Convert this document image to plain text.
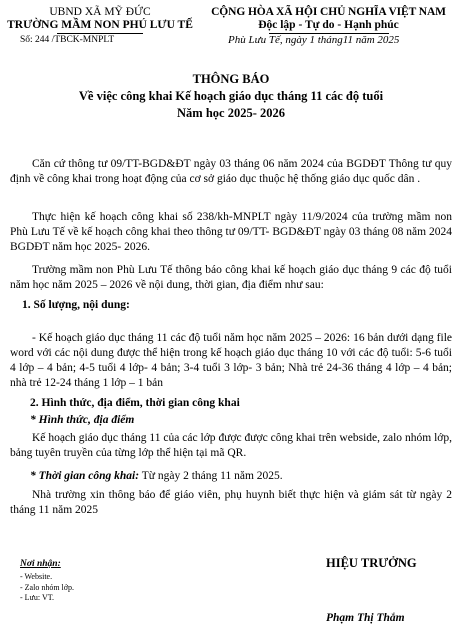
UBND XÃ MỸ ĐỨC
TRƯỜNG MẦM NON PHÚ LƯU TẾ
Số: 244 /TBCK-MNPLT
CỘNG HÒA XÃ HỘI CHỦ NGHĨA VIỆT NAM
Độc lập - Tự do - Hạnh phúc
Phù Lưu Tế, ngày 1 tháng11 năm 2025
THÔNG BÁO
Về việc công khai Kế hoạch giáo dục tháng 11 các độ tuổi
Năm học 2025- 2026
Căn cứ thông tư 09/TT-BGD&ĐT ngày 03 tháng 06 năm 2024 của BGDĐT Thông tư quy định về công khai trong hoạt động của cơ sở giáo dục thuộc hệ thống giáo dục quốc dân .
Thực hiện kế hoạch công khai số 238/kh-MNPLT ngày 11/9/2024 của trường mầm non Phù Lưu Tế về kế hoạch công khai theo thông tư 09/TT- BGD&ĐT ngày 03 tháng 08 năm 2024 BGDĐT năm học 2025- 2026.
Trường mầm non Phù Lưu Tế thông báo công khai kế hoạch giáo dục tháng 9 các độ tuổi năm học năm 2025 – 2026 về nội dung, thời gian, địa điểm như sau:
1. Số lượng, nội dung:
- Kế hoạch giáo dục tháng 11 các độ tuổi năm học năm 2025 – 2026: 16 bản dưới dạng file word với các nội dung được thể hiện trong kế hoạch giáo dục tháng 10 với các độ tuổi: 5-6 tuổi 4 lớp – 4 bản; 4-5 tuổi 4 lớp- 4 bản; 3-4 tuổi 3 lớp- 3 bản; Nhà trẻ 24-36 tháng 4 lớp – 4 bản; nhà trẻ 12-24 tháng 1 lớp – 1 bản
2. Hình thức, địa điểm, thời gian công khai
* Hình thức, địa điểm
Kế hoạch giáo dục tháng 11 của các lớp được được công khai trên webside, zalo nhóm lớp, bảng tuyên truyền của từng lớp thể hiện tại mã QR.
* Thời gian công khai: Từ ngày 2 tháng 11 năm 2025.
Nhà trường xin thông báo để giáo viên, phụ huynh biết thực hiện và giám sát từ ngày 2 tháng 11 năm 2025
Nơi nhận:
- Website.
- Zalo nhóm lớp.
- Lưu: VT.
HIỆU TRƯỞNG
Phạm Thị Thắm
